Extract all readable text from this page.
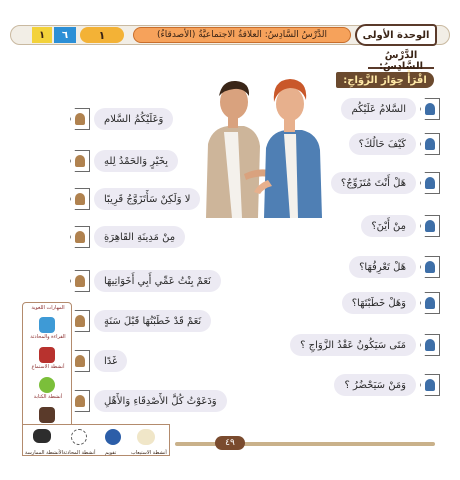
الوحدة الأولى
الدَّرْسُ السَّادِسُ: العلاقةُ الاجتماعيَّةُ (الأصدقاءُ)
١
٦
١
الدَّرْسُ السَّادِسُ:
اقْرَأْ حِوَارَ الزَّوَاجِ:
السَّلامُ عَلَيْكُم
كَيْفَ حَالُكَ؟
هَلْ أَنْتَ مُتَزَوِّجٌ؟
مِنْ أَيْنَ؟
هَلْ تَعْرِفُهَا؟
وَهَلْ خَطَبْتَهَا؟
مَتَى سَيَكُونُ عَقْدُ الزَّوَاجِ ؟
وَمَنْ سَيَحْضُرُ ؟
وَعَلَيْكُمُ السَّلام
بِخَيْرٍ وَالحَمْدُ لِلهِ
لا وَلَكِنْ سَأَتَزَوَّجُ قَرِيبًا
مِنْ مَدِينَةِ القَاهِرَةِ
نَعَمْ بِنْتُ عَمِّي أَبِي أَخَوَاتِيهَا
نَعَمْ قَدْ خَطَبْتُهَا قَبْلَ سَنَةٍ
غَدًا
وَدَعَوْتُ كُلَّ الأَصْدِقَاءِ وَالأَهْلِ
المهارات اللغوية
القراءة والمحادثة
أنشطة الاستماع
أنشطة الكتابة
الأنشطة الممارسة أنشطة المحادثة تقويم	أنشطة الاستيعاب
٤٩
